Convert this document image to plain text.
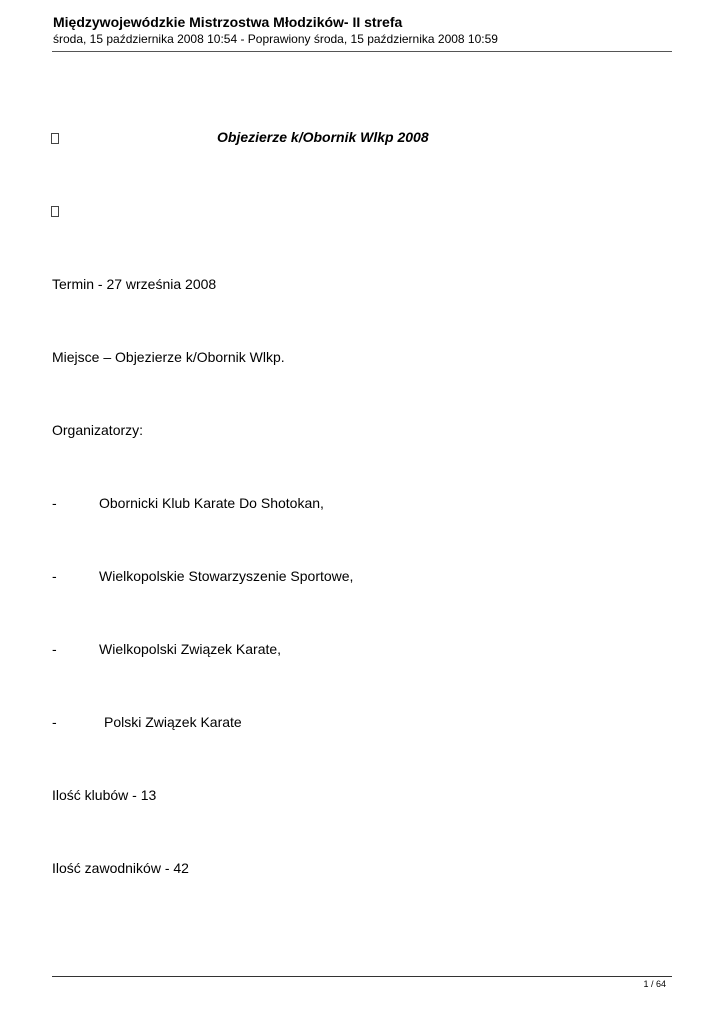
Międzywojewódzkie Mistrzostwa Młodzików- II strefa
środa, 15 października 2008 10:54 - Poprawiony środa, 15 października 2008 10:59
Objezierze k/Obornik Wlkp 2008
Termin - 27 września 2008
Miejsce – Objezierze k/Obornik Wlkp.
Organizatorzy:
-	Obornicki Klub Karate Do Shotokan,
-	Wielkopolskie Stowarzyszenie Sportowe,
-	Wielkopolski Związek Karate,
-	Polski Związek Karate
Ilość klubów - 13
Ilość zawodników - 42
1 / 64
